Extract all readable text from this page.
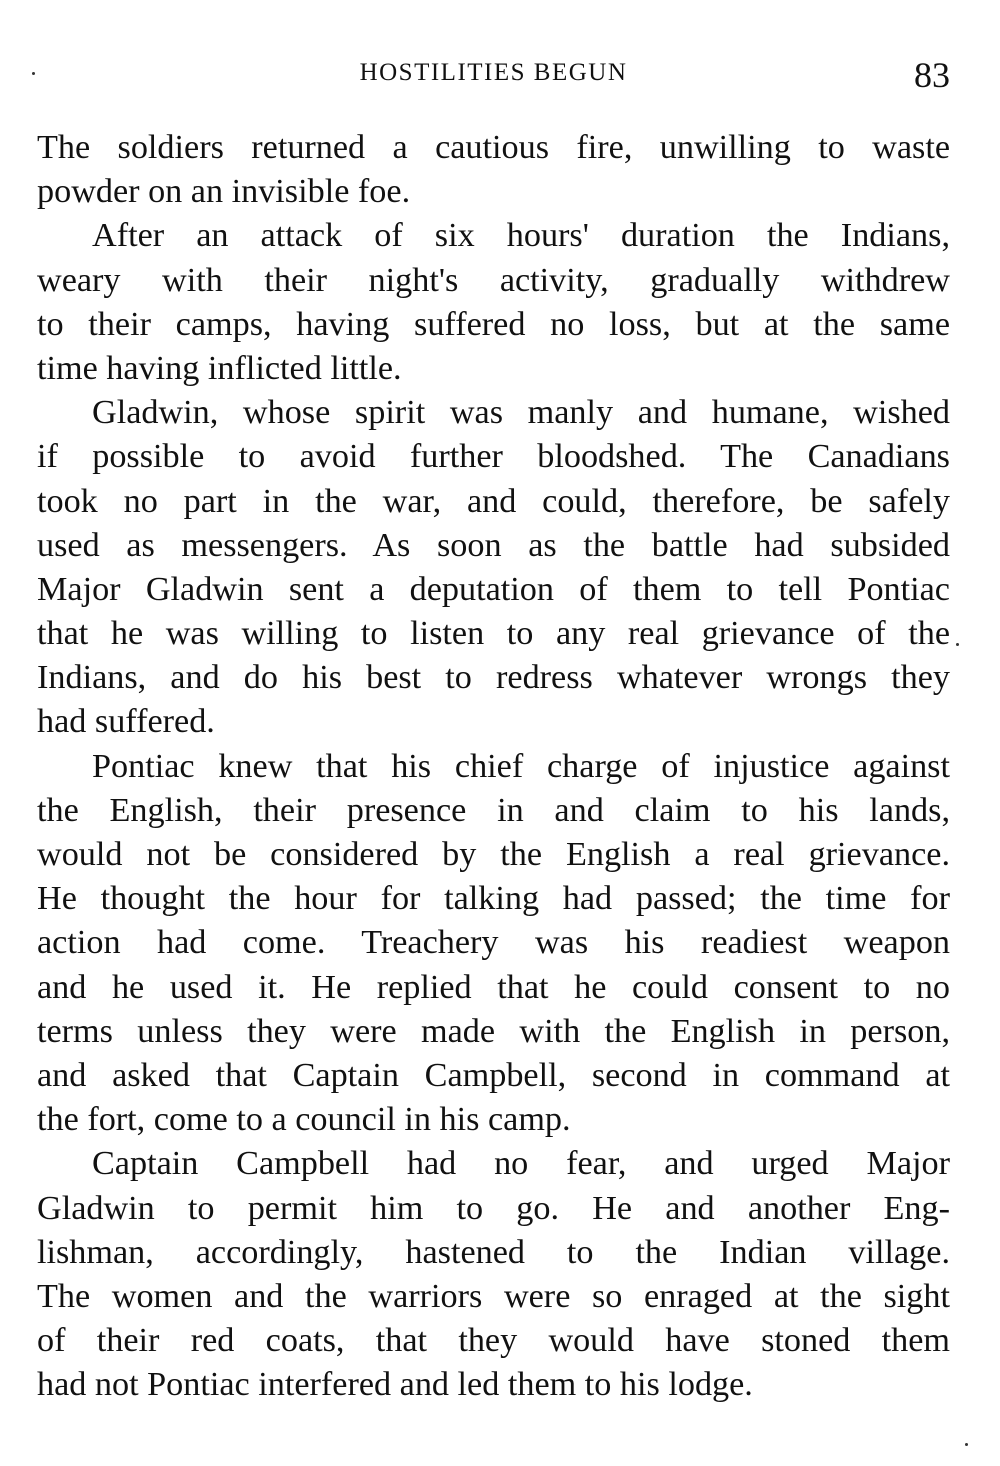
HOSTILITIES BEGUN	83
The soldiers returned a cautious fire, unwilling to waste
powder on an invisible foe.
After an attack of six hours' duration the Indians,
weary with their night's activity, gradually withdrew
to their camps, having suffered no loss, but at the same
time having inflicted little.
Gladwin, whose spirit was manly and humane, wished
if possible to avoid further bloodshed. The Canadians
took no part in the war, and could, therefore, be safely
used as messengers. As soon as the battle had subsided
Major Gladwin sent a deputation of them to tell Pontiac
that he was willing to listen to any real grievance of the
Indians, and do his best to redress whatever wrongs they
had suffered.
Pontiac knew that his chief charge of injustice against
the English, their presence in and claim to his lands,
would not be considered by the English a real grievance.
He thought the hour for talking had passed; the time for
action had come. Treachery was his readiest weapon
and he used it. He replied that he could consent to no
terms unless they were made with the English in person,
and asked that Captain Campbell, second in command at
the fort, come to a council in his camp.
Captain Campbell had no fear, and urged Major
Gladwin to permit him to go. He and another Eng-
lishman, accordingly, hastened to the Indian village.
The women and the warriors were so enraged at the sight
of their red coats, that they would have stoned them
had not Pontiac interfered and led them to his lodge.
